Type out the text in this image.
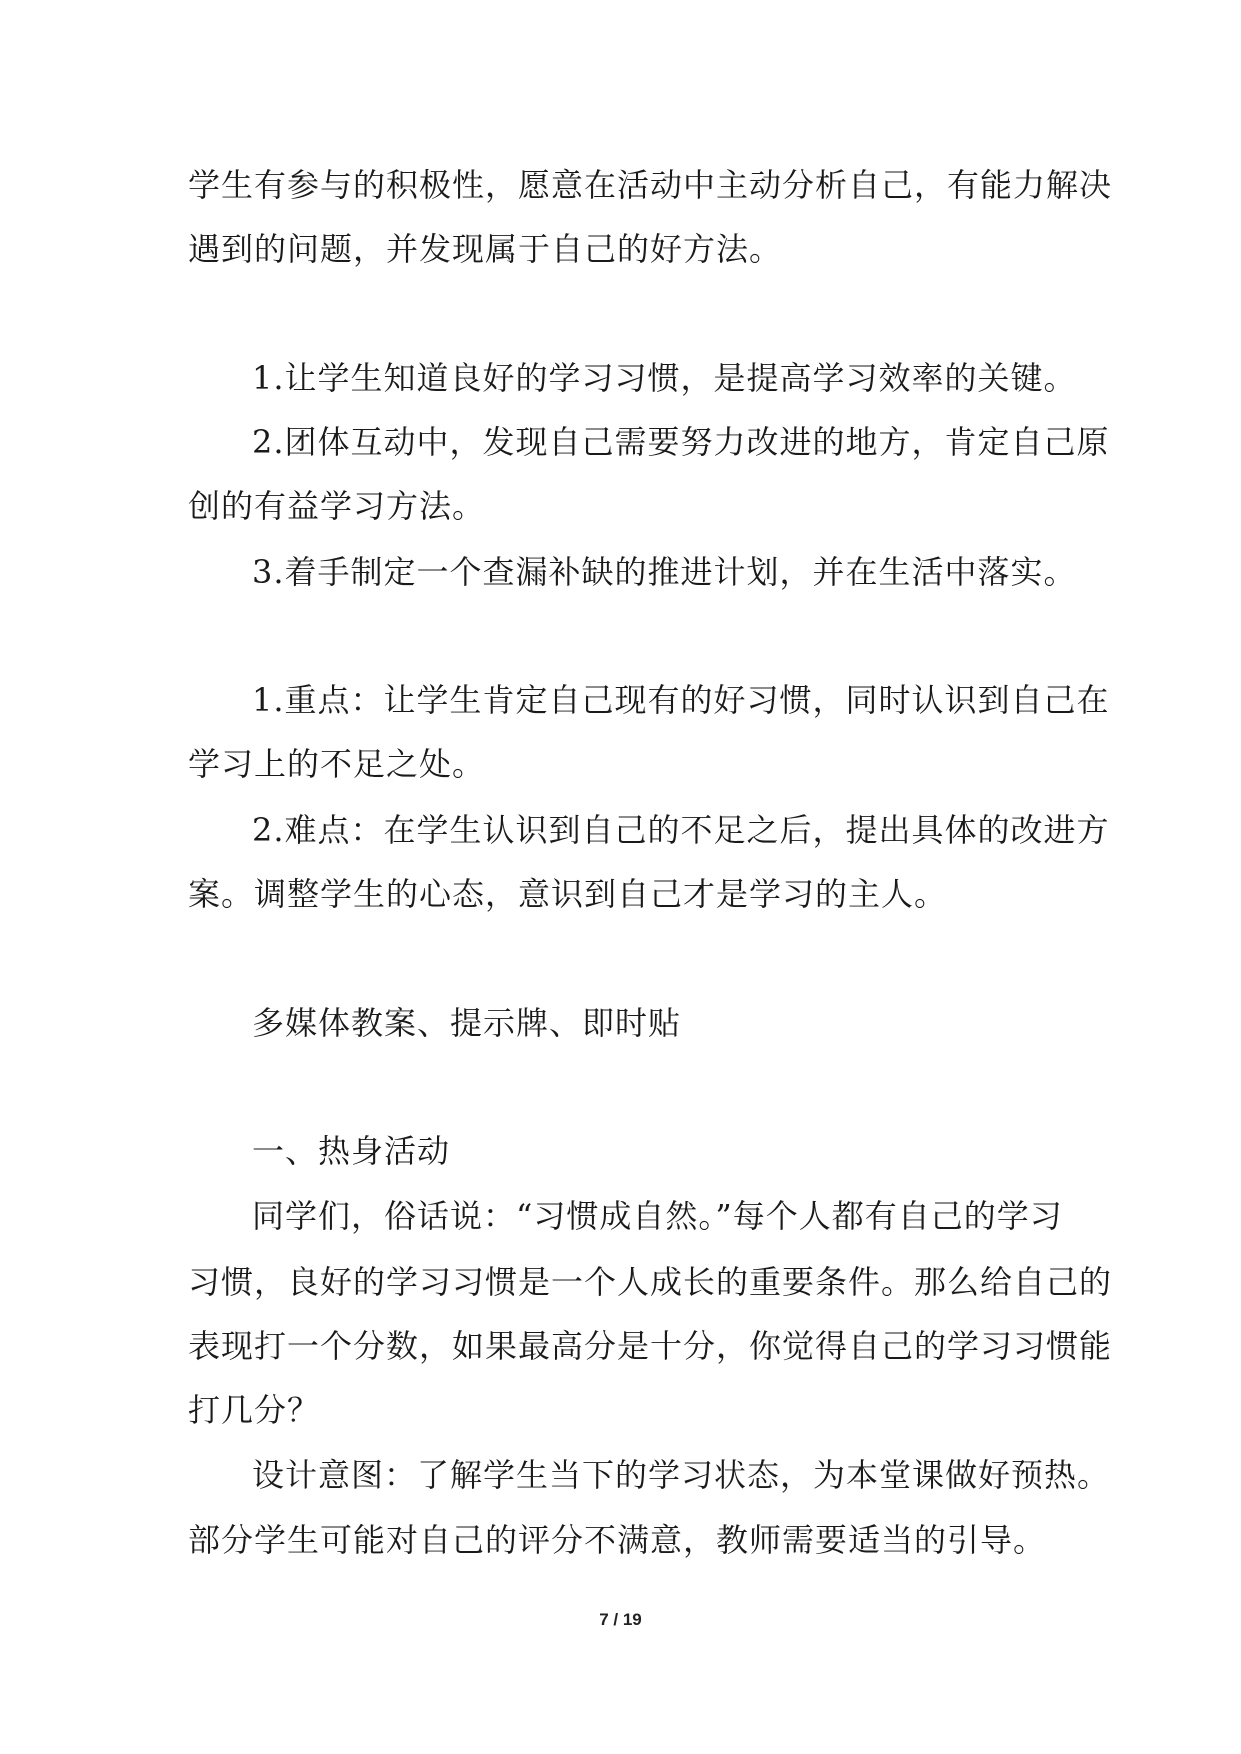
学生有参与的积极性，愿意在活动中主动分析自己，有能力解决
遇到的问题，并发现属于自己的好方法。
1.让学生知道良好的学习习惯，是提高学习效率的关键。
2.团体互动中，发现自己需要努力改进的地方，肯定自己原
创的有益学习方法。
3.着手制定一个查漏补缺的推进计划，并在生活中落实。
1.重点：让学生肯定自己现有的好习惯，同时认识到自己在
学习上的不足之处。
2.难点：在学生认识到自己的不足之后，提出具体的改进方
案。调整学生的心态，意识到自己才是学习的主人。
多媒体教案、提示牌、即时贴
一、热身活动
同学们，俗话说：“习惯成自然。”每个人都有自己的学习
习惯，良好的学习习惯是一个人成长的重要条件。那么给自己的
表现打一个分数，如果最高分是十分，你觉得自己的学习习惯能
打几分？
设计意图：了解学生当下的学习状态，为本堂课做好预热。
部分学生可能对自己的评分不满意，教师需要适当的引导。
7 / 19
